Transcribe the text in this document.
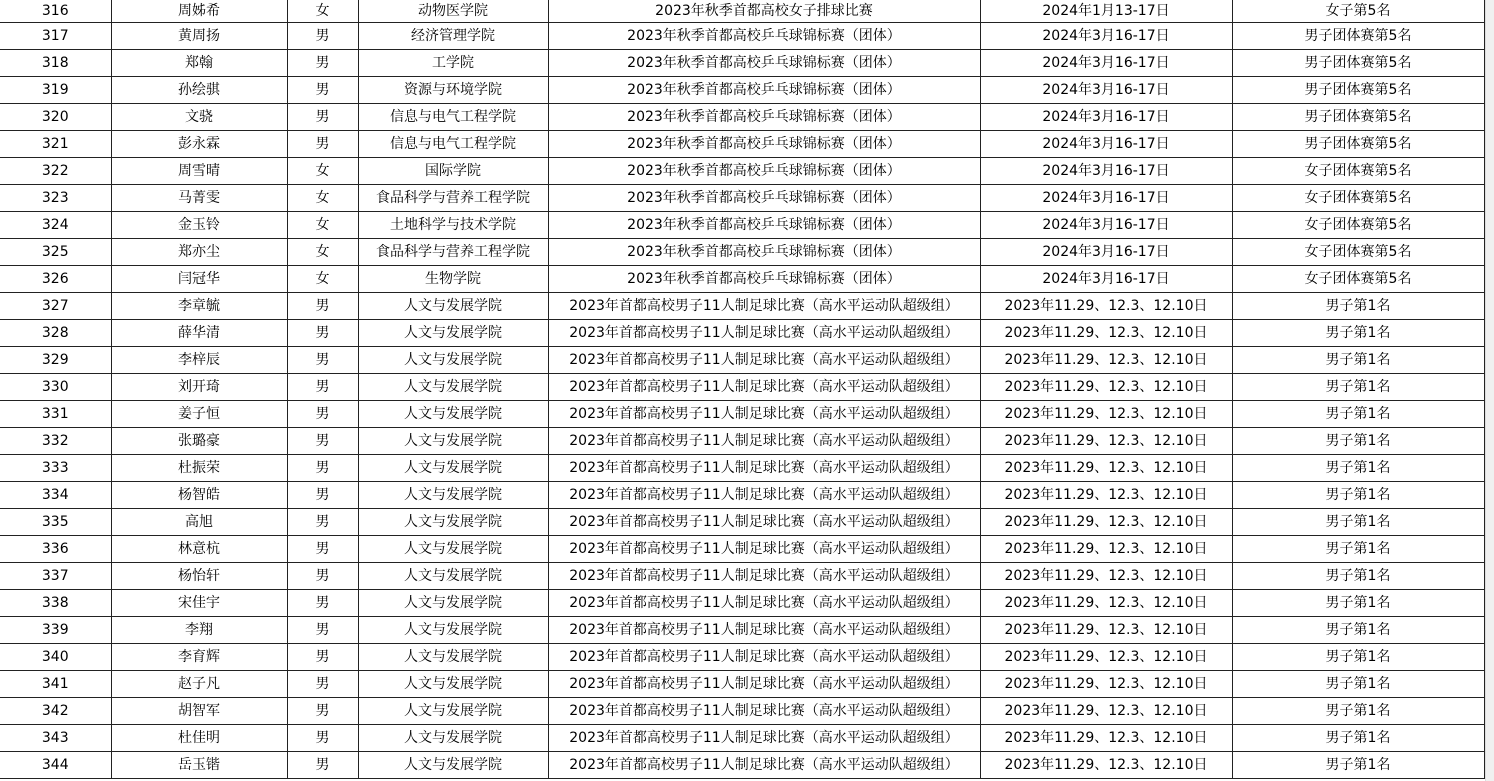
316	周姊希	女	动物医学院	2023年秋季首都高校女子排球比赛	2024年1月13-17日	女子第5名
317	黄周扬	男	经济管理学院	2023年秋季首都高校乒乓球锦标赛（团体）	2024年3月16-17日	男子团体赛第5名
318	郑翰	男	工学院	2023年秋季首都高校乒乓球锦标赛（团体）	2024年3月16-17日	男子团体赛第5名
319	孙绘骐	男	资源与环境学院	2023年秋季首都高校乒乓球锦标赛（团体）	2024年3月16-17日	男子团体赛第5名
320	文骁	男	信息与电气工程学院	2023年秋季首都高校乒乓球锦标赛（团体）	2024年3月16-17日	男子团体赛第5名
321	彭永霖	男	信息与电气工程学院	2023年秋季首都高校乒乓球锦标赛（团体）	2024年3月16-17日	男子团体赛第5名
322	周雪晴	女	国际学院	2023年秋季首都高校乒乓球锦标赛（团体）	2024年3月16-17日	女子团体赛第5名
323	马菁雯	女	食品科学与营养工程学院	2023年秋季首都高校乒乓球锦标赛（团体）	2024年3月16-17日	女子团体赛第5名
324	金玉铃	女	土地科学与技术学院	2023年秋季首都高校乒乓球锦标赛（团体）	2024年3月16-17日	女子团体赛第5名
325	郑亦尘	女	食品科学与营养工程学院	2023年秋季首都高校乒乓球锦标赛（团体）	2024年3月16-17日	女子团体赛第5名
326	闫冠华	女	生物学院	2023年秋季首都高校乒乓球锦标赛（团体）	2024年3月16-17日	女子团体赛第5名
327	李章毓	男	人文与发展学院	2023年首都高校男子11人制足球比赛（高水平运动队超级组）	2023年11.29、12.3、12.10日	男子第1名
328	薛华清	男	人文与发展学院	2023年首都高校男子11人制足球比赛（高水平运动队超级组）	2023年11.29、12.3、12.10日	男子第1名
329	李梓辰	男	人文与发展学院	2023年首都高校男子11人制足球比赛（高水平运动队超级组）	2023年11.29、12.3、12.10日	男子第1名
330	刘开琦	男	人文与发展学院	2023年首都高校男子11人制足球比赛（高水平运动队超级组）	2023年11.29、12.3、12.10日	男子第1名
331	姜子恒	男	人文与发展学院	2023年首都高校男子11人制足球比赛（高水平运动队超级组）	2023年11.29、12.3、12.10日	男子第1名
332	张璐豪	男	人文与发展学院	2023年首都高校男子11人制足球比赛（高水平运动队超级组）	2023年11.29、12.3、12.10日	男子第1名
333	杜振荣	男	人文与发展学院	2023年首都高校男子11人制足球比赛（高水平运动队超级组）	2023年11.29、12.3、12.10日	男子第1名
334	杨智皓	男	人文与发展学院	2023年首都高校男子11人制足球比赛（高水平运动队超级组）	2023年11.29、12.3、12.10日	男子第1名
335	高旭	男	人文与发展学院	2023年首都高校男子11人制足球比赛（高水平运动队超级组）	2023年11.29、12.3、12.10日	男子第1名
336	林意杭	男	人文与发展学院	2023年首都高校男子11人制足球比赛（高水平运动队超级组）	2023年11.29、12.3、12.10日	男子第1名
337	杨怡轩	男	人文与发展学院	2023年首都高校男子11人制足球比赛（高水平运动队超级组）	2023年11.29、12.3、12.10日	男子第1名
338	宋佳宇	男	人文与发展学院	2023年首都高校男子11人制足球比赛（高水平运动队超级组）	2023年11.29、12.3、12.10日	男子第1名
339	李翔	男	人文与发展学院	2023年首都高校男子11人制足球比赛（高水平运动队超级组）	2023年11.29、12.3、12.10日	男子第1名
340	李育辉	男	人文与发展学院	2023年首都高校男子11人制足球比赛（高水平运动队超级组）	2023年11.29、12.3、12.10日	男子第1名
341	赵子凡	男	人文与发展学院	2023年首都高校男子11人制足球比赛（高水平运动队超级组）	2023年11.29、12.3、12.10日	男子第1名
342	胡智军	男	人文与发展学院	2023年首都高校男子11人制足球比赛（高水平运动队超级组）	2023年11.29、12.3、12.10日	男子第1名
343	杜佳明	男	人文与发展学院	2023年首都高校男子11人制足球比赛（高水平运动队超级组）	2023年11.29、12.3、12.10日	男子第1名
344	岳玉锴	男	人文与发展学院	2023年首都高校男子11人制足球比赛（高水平运动队超级组）	2023年11.29、12.3、12.10日	男子第1名
